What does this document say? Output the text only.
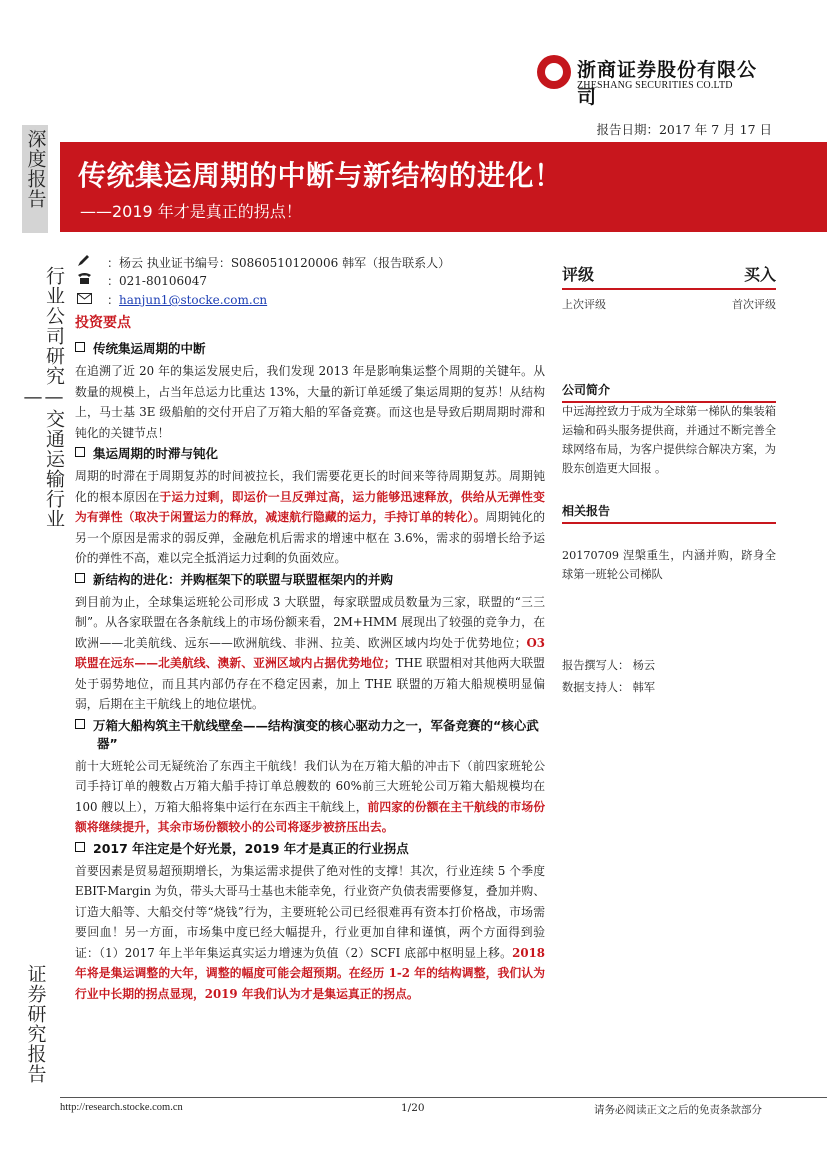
深度报告
行业公司研究—交通运输行业—
证券研究报告
浙商证券股份有限公司
ZHESHANG SECURITIES CO.LTD
报告日期：2017 年 7 月 17 日
传统集运周期的中断与新结构的进化！
——2019 年才是真正的拐点！
：杨云 执业证书编号：S0860510120006 韩军（报告联系人）
：021-80106047
：hanjun1@stocke.com.cn
投资要点
传统集运周期的中断
在追溯了近 20 年的集运发展史后，我们发现 2013 年是影响集运整个周期的关键年。从数量的规模上，占当年总运力比重达 13%，大量的新订单延缓了集运周期的复苏！从结构上，马士基 3E 级船舶的交付开启了万箱大船的军备竞赛。而这也是导致后期周期时滞和钝化的关键节点！
集运周期的时滞与钝化
周期的时滞在于周期复苏的时间被拉长，我们需要花更长的时间来等待周期复苏。周期钝化的根本原因在于运力过剩，即运价一旦反弹过高，运力能够迅速释放，供给从无弹性变为有弹性（取决于闲置运力的释放，减速航行隐藏的运力，手持订单的转化）。周期钝化的另一个原因是需求的弱反弹，金融危机后需求的增速中枢在 3.6%，需求的弱增长给予运价的弹性不高，难以完全抵消运力过剩的负面效应。
新结构的进化：并购框架下的联盟与联盟框架内的并购
到目前为止，全球集运班轮公司形成 3 大联盟，每家联盟成员数量为三家，联盟的“三三制”。从各家联盟在各条航线上的市场份额来看，2M+HMM 展现出了较强的竞争力，在欧洲——北美航线、远东——欧洲航线、非洲、拉美、欧洲区域内均处于优势地位；O3 联盟在远东——北美航线、澳新、亚洲区域内占据优势地位；THE 联盟相对其他两大联盟处于弱势地位，而且其内部仍存在不稳定因素，加上 THE 联盟的万箱大船规模明显偏弱，后期在主干航线上的地位堪忧。
万箱大船构筑主干航线壁垒——结构演变的核心驱动力之一，军备竞赛的“核心武器”
前十大班轮公司无疑统治了东西主干航线！我们认为在万箱大船的冲击下（前四家班轮公司手持订单的艘数占万箱大船手持订单总艘数的 60%前三大班轮公司万箱大船规模均在 100 艘以上），万箱大船将集中运行在东西主干航线上，前四家的份额在主干航线的市场份额将继续提升，其余市场份额较小的公司将逐步被挤压出去。
2017 年注定是个好光景，2019 年才是真正的行业拐点
首要因素是贸易超预期增长，为集运需求提供了绝对性的支撑！其次，行业连续 5 个季度 EBIT-Margin 为负，带头大哥马士基也未能幸免，行业资产负债表需要修复，叠加并购、订造大船等、大船交付等“烧钱”行为，主要班轮公司已经很难再有资本打价格战，市场需要回血！另一方面，市场集中度已经大幅提升，行业更加自律和谨慎，两个方面得到验证：（1）2017 年上半年集运真实运力增速为负值（2）SCFI 底部中枢明显上移。2018 年将是集运调整的大年，调整的幅度可能会超预期。在经历 1-2 年的结构调整，我们认为行业中长期的拐点显现，2019 年我们认为才是集运真正的拐点。
评级	买入
上次评级	首次评级
公司简介
中远海控致力于成为全球第一梯队的集装箱运输和码头服务提供商，并通过不断完善全球网络布局，为客户提供综合解决方案，为股东创造更大回报 。
相关报告
20170709 涅槃重生，内涵并购，跻身全球第一班轮公司梯队
报告撰写人： 杨云
数据支持人： 韩军
http://research.stocke.com.cn	1/20	请务必阅读正文之后的免责条款部分
